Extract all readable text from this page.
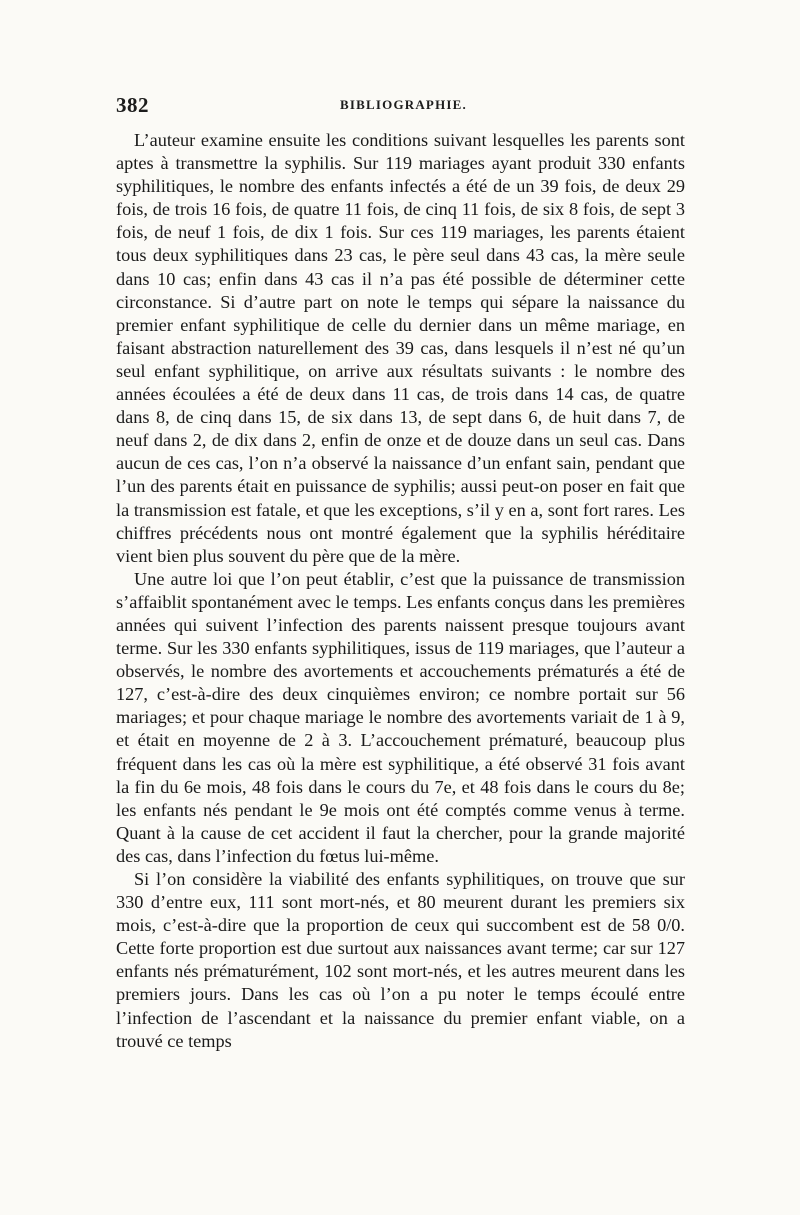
382	BIBLIOGRAPHIE.

L’auteur examine ensuite les conditions suivant lesquelles les parents sont aptes à transmettre la syphilis. Sur 119 mariages ayant produit 330 enfants syphilitiques, le nombre des enfants infectés a été de un 39 fois, de deux 29 fois, de trois 16 fois, de quatre 11 fois, de cinq 11 fois, de six 8 fois, de sept 3 fois, de neuf 1 fois, de dix 1 fois. Sur ces 119 mariages, les parents étaient tous deux syphilitiques dans 23 cas, le père seul dans 43 cas, la mère seule dans 10 cas; enfin dans 43 cas il n’a pas été possible de déterminer cette circonstance. Si d’autre part on note le temps qui sépare la naissance du premier enfant syphilitique de celle du dernier dans un même mariage, en faisant abstraction naturellement des 39 cas, dans lesquels il n’est né qu’un seul enfant syphilitique, on arrive aux résultats suivants : le nombre des années écoulées a été de deux dans 11 cas, de trois dans 14 cas, de quatre dans 8, de cinq dans 15, de six dans 13, de sept dans 6, de huit dans 7, de neuf dans 2, de dix dans 2, enfin de onze et de douze dans un seul cas. Dans aucun de ces cas, l’on n’a observé la naissance d’un enfant sain, pendant que l’un des parents était en puissance de syphilis; aussi peut-on poser en fait que la transmission est fatale, et que les exceptions, s’il y en a, sont fort rares. Les chiffres précédents nous ont montré également que la syphilis héréditaire vient bien plus souvent du père que de la mère.

Une autre loi que l’on peut établir, c’est que la puissance de transmission s’affaiblit spontanément avec le temps. Les enfants conçus dans les premières années qui suivent l’infection des parents naissent presque toujours avant terme. Sur les 330 enfants syphilitiques, issus de 119 mariages, que l’auteur a observés, le nombre des avortements et accouchements prématurés a été de 127, c’est-à-dire des deux cinquièmes environ; ce nombre portait sur 56 mariages; et pour chaque mariage le nombre des avortements variait de 1 à 9, et était en moyenne de 2 à 3. L’accouchement prématuré, beaucoup plus fréquent dans les cas où la mère est syphilitique, a été observé 31 fois avant la fin du 6e mois, 48 fois dans le cours du 7e, et 48 fois dans le cours du 8e; les enfants nés pendant le 9e mois ont été comptés comme venus à terme. Quant à la cause de cet accident il faut la chercher, pour la grande majorité des cas, dans l’infection du fœtus lui-même.

Si l’on considère la viabilité des enfants syphilitiques, on trouve que sur 330 d’entre eux, 111 sont mort-nés, et 80 meurent durant les premiers six mois, c’est-à-dire que la proportion de ceux qui succombent est de 58 0/0. Cette forte proportion est due surtout aux naissances avant terme; car sur 127 enfants nés prématurément, 102 sont mort-nés, et les autres meurent dans les premiers jours. Dans les cas où l’on a pu noter le temps écoulé entre l’infection de l’ascendant et la naissance du premier enfant viable, on a trouvé ce temps
